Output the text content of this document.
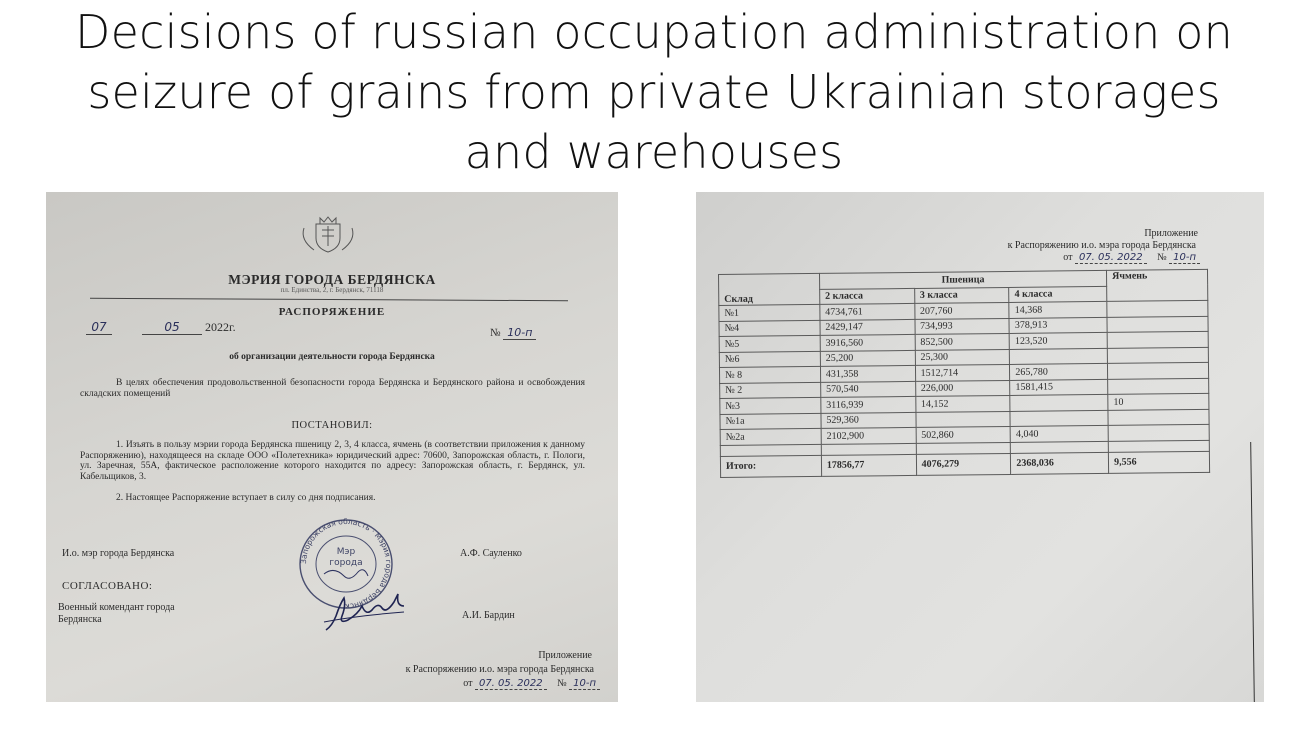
Decisions of russian occupation administration on
seizure of grains from private Ukrainian storages
and warehouses
МЭРИЯ ГОРОДА БЕРДЯНСКА
пл. Единства, 2, г. Бердянск, 71118
РАСПОРЯЖЕНИЕ
07	05 2022г.	№ 10-п
об организации деятельности города Бердянска
В целях обеспечения продовольственной безопасности города Бердянска и Бердянского района и освобождения складских помещений
ПОСТАНОВИЛ:
1. Изъять в пользу мэрии города Бердянска пшеницу 2, 3, 4 класса, ячмень (в соответствии приложения к данному Распоряжению), находящееся на складе ООО «Полетехника» юридический адрес: 70600, Запорожская область, г. Пологи, ул. Заречная, 55А, фактическое расположение которого находится по адресу: Запорожская область, г. Бердянск, ул. Кабельщиков, 3.
2. Настоящее Распоряжение вступает в силу со дня подписания.
Запорожская область · Мэрия города Бердянск
Мэр
города
И.о. мэр города Бердянска	А.Ф. Сауленко
СОГЛАСОВАНО:
Военный комендант города
Бердянска	А.И. Бардин
Приложение
к Распоряжению и.о. мэра города Бердянска
от 07. 05. 2022 № 10-п
Приложение
к Распоряжению и.о. мэра города Бердянска
от 07. 05. 2022 № 10-п
Склад	Пшеница			Ячмень
	2 класса	3 класса	4 класса	
№1	4734,761	207,760	14,368	
№4	2429,147	734,993	378,913	
№5	3916,560	852,500	123,520	
№6	25,200	25,300		
№ 8	431,358	1512,714	265,780	
№ 2	570,540	226,000	1581,415	
№3	3116,939	14,152		10
№1а	529,360			
№2а	2102,900	502,860	4,040	

Итого:	17856,77	4076,279	2368,036	9,556
